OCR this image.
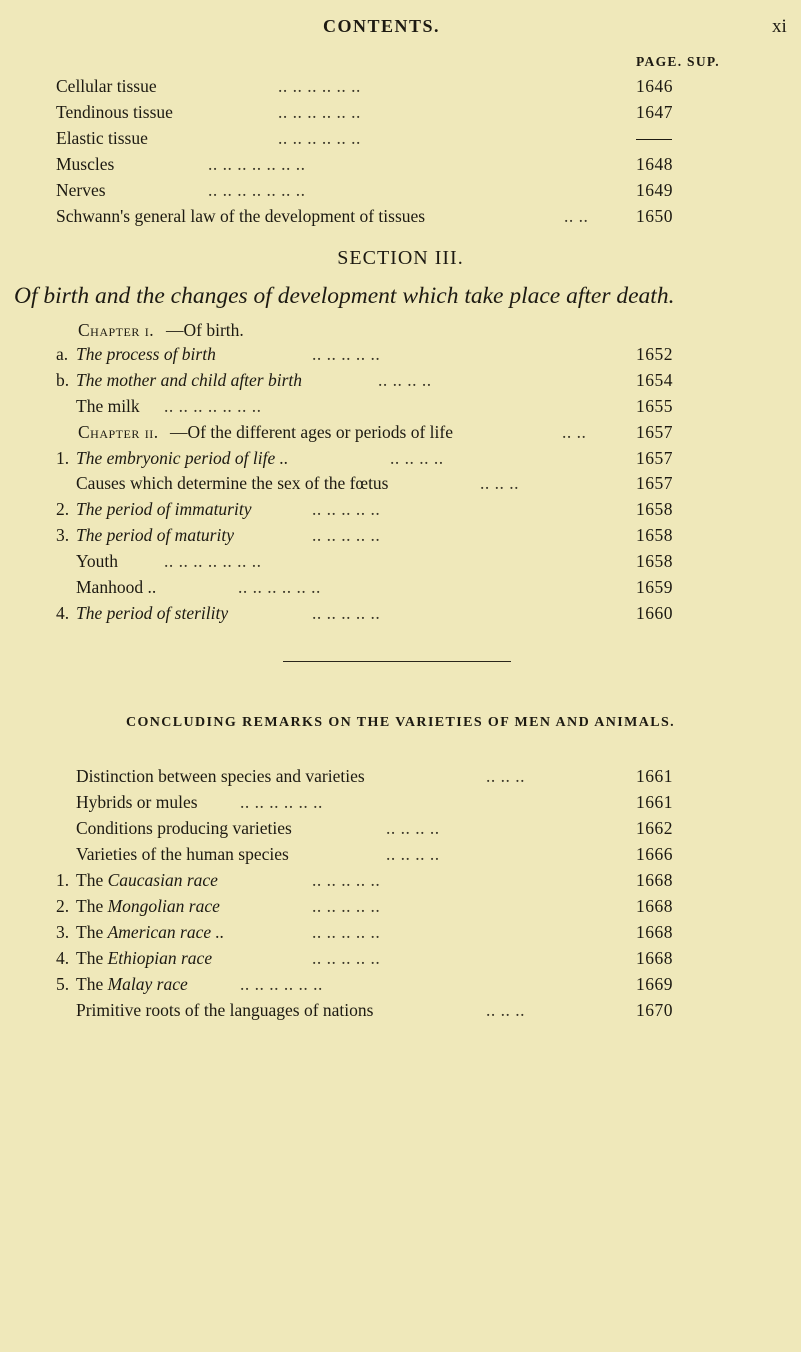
CONTENTS.	xi
PAGE. SUP.
Cellular tissue	.. .. .. .. .. ..	1646
Tendinous tissue	.. .. .. .. .. ..	1647
Elastic tissue	.. .. .. .. .. ..
Muscles	.. .. .. .. .. .. ..	1648
Nerves	.. .. .. .. .. .. ..	1649
Schwann's general law of the development of tissues	.. ..	1650
SECTION III.
Of birth and the changes of development which take place after death.
Chapter i. —Of birth.
a. The process of birth	.. .. .. .. ..	1652
b. The mother and child after birth	.. .. .. ..	1654
The milk .. .. .. .. .. .. ..	1655
Chapter ii. —Of the different ages or periods of life	.. ..	1657
1. The embryonic period of life ..	.. .. .. ..	1657
Causes which determine the sex of the fœtus	.. .. ..	1657
2. The period of immaturity	.. .. .. .. ..	1658
3. The period of maturity	.. .. .. .. ..	1658
Youth	.. .. .. .. .. .. ..	1658
Manhood ..	.. .. .. .. .. ..	1659
4. The period of sterility	.. .. .. .. ..	1660
CONCLUDING REMARKS ON THE VARIETIES OF MEN AND ANIMALS.
Distinction between species and varieties	.. .. ..	1661
Hybrids or mules .. .. .. .. .. ..	1661
Conditions producing varieties	.. .. .. ..	1662
Varieties of the human species	.. .. .. ..	1666
1. The Caucasian race	.. .. .. .. ..	1668
2. The Mongolian race	.. .. .. .. ..	1668
3. The American race ..	.. .. .. .. ..	1668
4. The Ethiopian race	.. .. .. .. ..	1668
5. The Malay race	.. .. .. .. .. ..	1669
Primitive roots of the languages of nations	.. .. ..	1670
